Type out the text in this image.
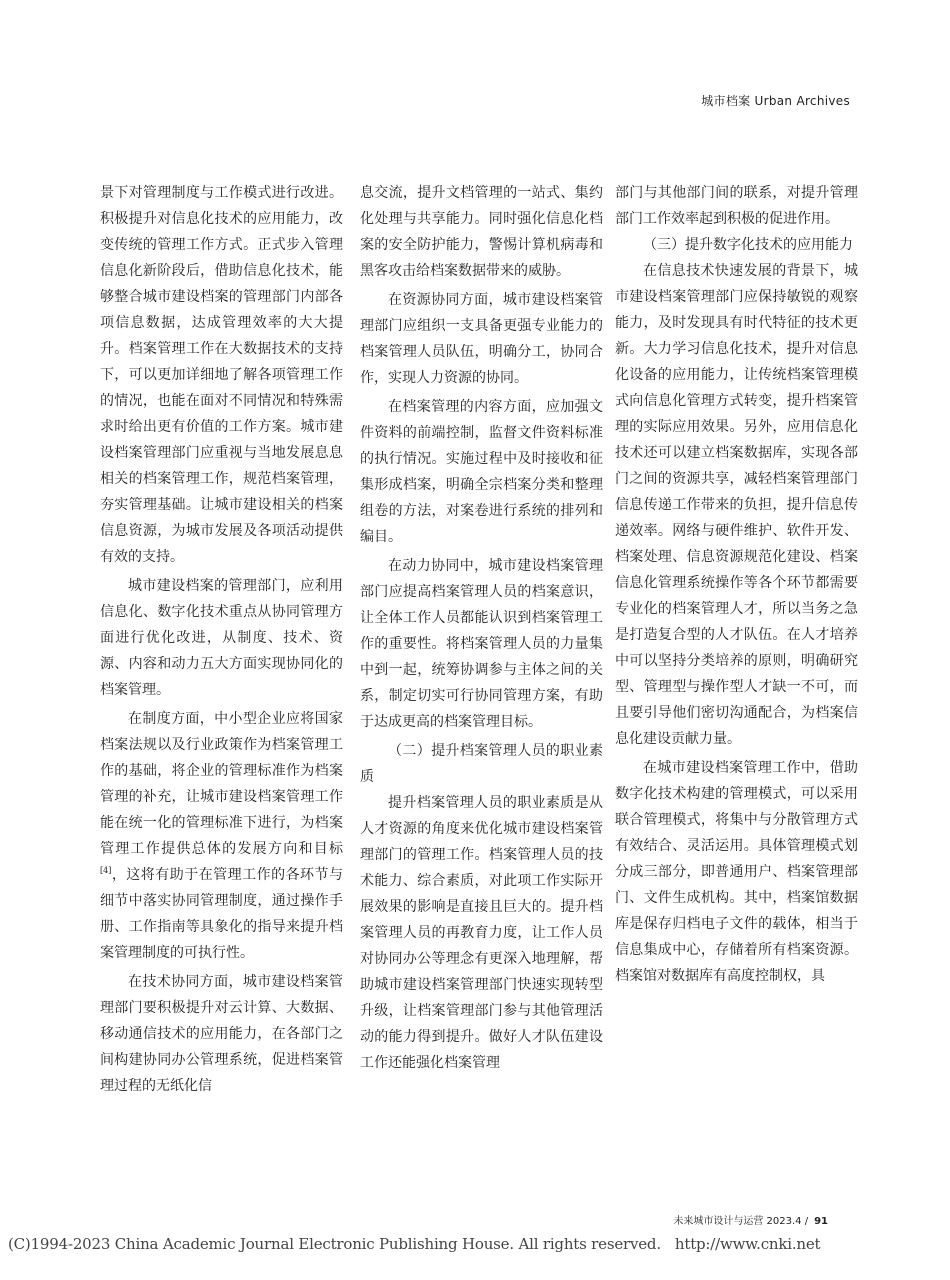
城市档案 Urban Archives

景下对管理制度与工作模式进行改进。积极提升对信息化技术的应用能力，改变传统的管理工作方式。正式步入管理信息化新阶段后，借助信息化技术，能够整合城市建设档案的管理部门内部各项信息数据，达成管理效率的大大提升。档案管理工作在大数据技术的支持下，可以更加详细地了解各项管理工作的情况，也能在面对不同情况和特殊需求时给出更有价值的工作方案。城市建设档案管理部门应重视与当地发展息息相关的档案管理工作，规范档案管理，夯实管理基础。让城市建设相关的档案信息资源，为城市发展及各项活动提供有效的支持。

城市建设档案的管理部门，应利用信息化、数字化技术重点从协同管理方面进行优化改进，从制度、技术、资源、内容和动力五大方面实现协同化的档案管理。

在制度方面，中小型企业应将国家档案法规以及行业政策作为档案管理工作的基础，将企业的管理标准作为档案管理的补充，让城市建设档案管理工作能在统一化的管理标准下进行，为档案管理工作提供总体的发展方向和目标[4]，这将有助于在管理工作的各环节与细节中落实协同管理制度，通过操作手册、工作指南等具象化的指导来提升档案管理制度的可执行性。

在技术协同方面，城市建设档案管理部门要积极提升对云计算、大数据、移动通信技术的应用能力，在各部门之间构建协同办公管理系统，促进档案管理过程的无纸化信

息交流，提升文档管理的一站式、集约化处理与共享能力。同时强化信息化档案的安全防护能力，警惕计算机病毒和黑客攻击给档案数据带来的威胁。

在资源协同方面，城市建设档案管理部门应组织一支具备更强专业能力的档案管理人员队伍，明确分工，协同合作，实现人力资源的协同。

在档案管理的内容方面，应加强文件资料的前端控制，监督文件资料标准的执行情况。实施过程中及时接收和征集形成档案，明确全宗档案分类和整理组卷的方法，对案卷进行系统的排列和编目。

在动力协同中，城市建设档案管理部门应提高档案管理人员的档案意识，让全体工作人员都能认识到档案管理工作的重要性。将档案管理人员的力量集中到一起，统筹协调参与主体之间的关系，制定切实可行协同管理方案，有助于达成更高的档案管理目标。

（二）提升档案管理人员的职业素质

提升档案管理人员的职业素质是从人才资源的角度来优化城市建设档案管理部门的管理工作。档案管理人员的技术能力、综合素质，对此项工作实际开展效果的影响是直接且巨大的。提升档案管理人员的再教育力度，让工作人员对协同办公等理念有更深入地理解，帮助城市建设档案管理部门快速实现转型升级，让档案管理部门参与其他管理活动的能力得到提升。做好人才队伍建设工作还能强化档案管理

部门与其他部门间的联系，对提升管理部门工作效率起到积极的促进作用。

（三）提升数字化技术的应用能力

在信息技术快速发展的背景下，城市建设档案管理部门应保持敏锐的观察能力，及时发现具有时代特征的技术更新。大力学习信息化技术，提升对信息化设备的应用能力，让传统档案管理模式向信息化管理方式转变，提升档案管理的实际应用效果。另外，应用信息化技术还可以建立档案数据库，实现各部门之间的资源共享，减轻档案管理部门信息传递工作带来的负担，提升信息传递效率。网络与硬件维护、软件开发、档案处理、信息资源规范化建设、档案信息化管理系统操作等各个环节都需要专业化的档案管理人才，所以当务之急是打造复合型的人才队伍。在人才培养中可以坚持分类培养的原则，明确研究型、管理型与操作型人才缺一不可，而且要引导他们密切沟通配合，为档案信息化建设贡献力量。

在城市建设档案管理工作中，借助数字化技术构建的管理模式，可以采用联合管理模式，将集中与分散管理方式有效结合、灵活运用。具体管理模式划分成三部分，即普通用户、档案管理部门、文件生成机构。其中，档案馆数据库是保存归档电子文件的载体，相当于信息集成中心，存储着所有档案资源。档案馆对数据库有高度控制权，具

未来城市设计与运营 2023.4 / 91
(C)1994-2023 China Academic Journal Electronic Publishing House. All rights reserved. http://www.cnki.net
